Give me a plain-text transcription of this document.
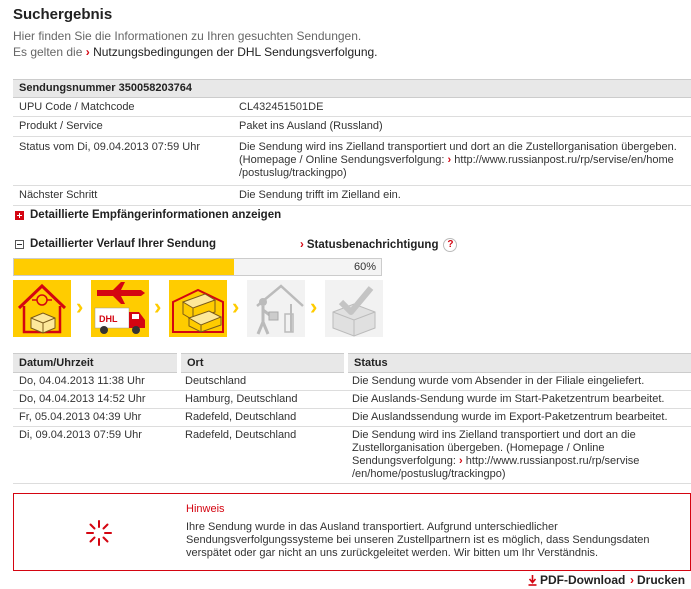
Suchergebnis
Hier finden Sie die Informationen zu Ihren gesuchten Sendungen.
Es gelten die › Nutzungsbedingungen der DHL Sendungsverfolgung.
Sendungsnummer 350058203764	
UPU Code / Matchcode	CL432451501DE
Produkt / Service	Paket ins Ausland (Russland)
Status vom Di, 09.04.2013 07:59 Uhr	Die Sendung wird ins Zielland transportiert und dort an die Zustellorganisation übergeben.
(Homepage / Online Sendungsverfolgung: › http://www.russianpost.ru/rp/servise/en/home
/postuslug/trackingpo)

Nächster Schritt	Die Sendung trifft im Zielland ein.
Detaillierte Empfängerinformationen anzeigen
Detaillierter Verlauf Ihrer Sendung	› Statusbenachrichtigung ?
60%
› DHL ›	›	›
Datum/Uhrzeit	Ort	Status
Do, 04.04.2013 11:38 Uhr	Deutschland	Die Sendung wurde vom Absender in der Filiale eingeliefert.
Do, 04.04.2013 14:52 Uhr	Hamburg, Deutschland	Die Auslands-Sendung wurde im Start-Paketzentrum bearbeitet.
Fr, 05.04.2013 04:39 Uhr	Radefeld, Deutschland	Die Auslandssendung wurde im Export-Paketzentrum bearbeitet.
Di, 09.04.2013 07:59 Uhr	Radefeld, Deutschland	Die Sendung wird ins Zielland transportiert und dort an die
Zustellorganisation übergeben. (Homepage / Online
Sendungsverfolgung: › http://www.russianpost.ru/rp/servise
/en/home/postuslug/trackingpo)
Hinweis
Ihre Sendung wurde in das Ausland transportiert. Aufgrund unterschiedlicher
Sendungsverfolgungssysteme bei unseren Zustellpartnern ist es möglich, dass Sendungsdaten
verspätet oder gar nicht an uns zurückgeleitet werden. Wir bitten um Ihr Verständnis.
PDF-Download › Drucken
